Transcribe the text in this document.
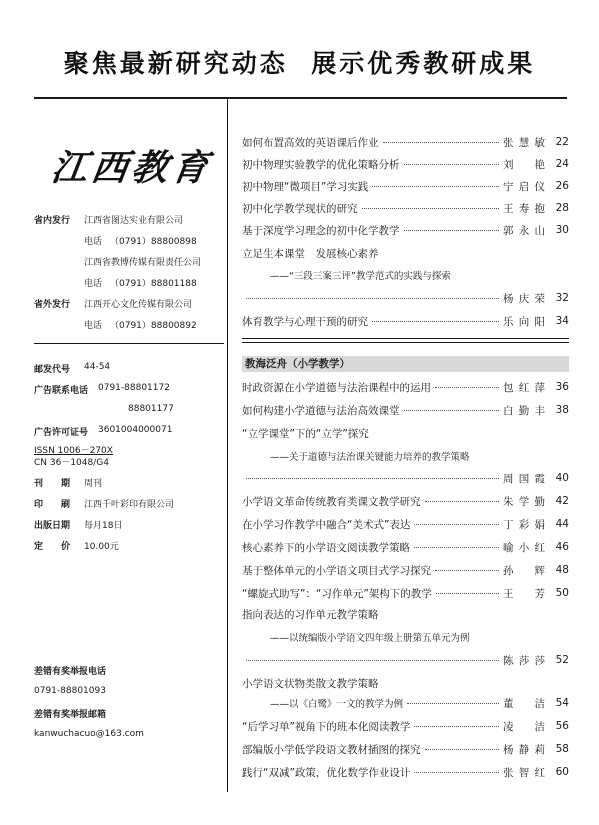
聚焦最新研究动态  展示优秀教研成果
江西教育
省内发行 江西省图达实业有限公司
电话 （0791）88800898
江西省教博传媒有限责任公司
电话 （0791）88801188
省外发行 江西开心文化传媒有限公司
电话 （0791）88800892
邮发代号 44-54
广告联系电话 0791-88801172
88801177
广告许可证号 3601004000071
ISSN 1006－270X
CN 36－1048/G4
刊期
周刊
印刷
江西千叶彩印有限公司
出版日期 每月18日
定价
10.00元
差错有奖举报电话
0791-88801093
差错有奖举报邮箱
kanwuchacuo@163.com
如何布置高效的英语课后作业	张慧敏	22
初中物理实验教学的优化策略分析	刘 艳	24
初中物理“微项目”学习实践	宁启仪	26
初中化学教学现状的研究	王寿抱	28
基于深度学习理念的初中化学教学	郭永山	30
立足生本课堂　发展核心素养
——“三段三案三评”教学范式的实践与探索
杨庆荣	32
体育教学与心理干预的研究	乐向阳	34
教海泛舟（小学教学）
时政资源在小学道德与法治课程中的运用	包红萍	36
如何构建小学道德与法治高效课堂	白勤丰	38
“立学课堂”下的“立学”探究
——关于道德与法治课关键能力培养的教学策略
周国霞	40
小学语文革命传统教育类课文教学研究	朱学勤	42
在小学习作教学中融合“美术式”表达	丁彩娟	44
核心素养下的小学语文阅读教学策略	喻小红	46
基于整体单元的小学语文项目式学习探究	孙 辉	48
“螺旋式助写”：“习作单元”架构下的教学	王 芳	50
指向表达的习作单元教学策略
——以统编版小学语文四年级上册第五单元为例
陈莎莎	52
小学语文状物类散文教学策略
——以《白鹭》一文的教学为例	董 洁	54
“后学习单”视角下的班本化阅读教学	凌 洁	56
部编版小学低学段语文教材插图的探究	杨静莉	58
践行“双减”政策，优化数学作业设计	张智红	60
